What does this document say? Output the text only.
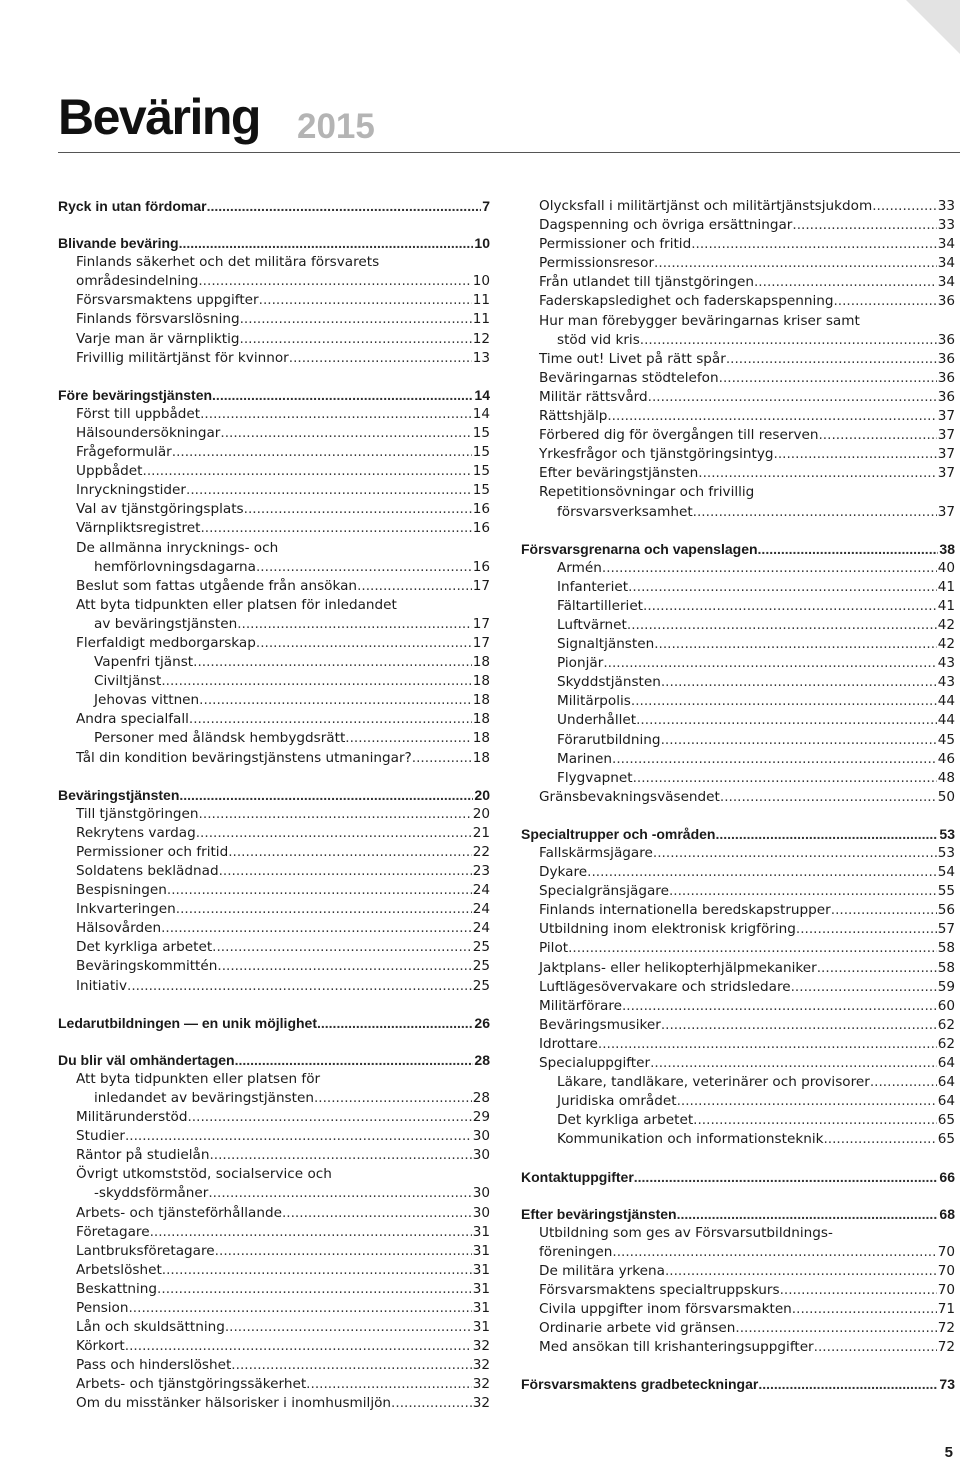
Beväring 2015
Ryck in utan fördomar .....	7
Blivande beväring .....	10
Finlands säkerhet och det militära försvarets
områdesindelning .....	10
Försvarsmaktens uppgifter .....	11
Finlands försvarslösning .....	11
Varje man är värnpliktig .....	12
Frivillig militärtjänst för kvinnor .....	13
Före beväringstjänsten .....	14
Först till uppbådet .....	14
Hälsoundersökningar .....	15
Frågeformulär .....	15
Uppbådet .....	15
Inryckningstider .....	15
Val av tjänstgöringsplats .....	16
Värnpliktsregistret .....	16
De allmänna inrycknings- och
hemförlovningsdagarna .....	16
Beslut som fattas utgående från ansökan .....	17
Att byta tidpunkten eller platsen för inledandet
av beväringstjänsten .....	17
Flerfaldigt medborgarskap .....	17
Vapenfri tjänst .....	18
Civiltjänst .....	18
Jehovas vittnen .....	18
Andra specialfall .....	18
Personer med åländsk hembygdsrätt .....	18
Tål din kondition beväringstjänstens utmaningar? .....	18
Beväringstjänsten .....	20
Till tjänstgöringen .....	20
Rekrytens vardag .....	21
Permissioner och fritid .....	22
Soldatens beklädnad .....	23
Bespisningen .....	24
Inkvarteringen .....	24
Hälsovården .....	24
Det kyrkliga arbetet .....	25
Beväringskommittén .....	25
Initiativ .....	25
Ledarutbildningen — en unik möjlighet .....	26
Du blir väl omhändertagen .....	28
Att byta tidpunkten eller platsen för
inledandet av beväringstjänsten .....	28
Militärunderstöd .....	29
Studier .....	30
Räntor på studielån .....	30
Övrigt utkomststöd, socialservice och
-skyddsförmåner .....	30
Arbets- och tjänsteförhållande .....	30
Företagare .....	31
Lantbruksföretagare .....	31
Arbetslöshet .....	31
Beskattning .....	31
Pension .....	31
Lån och skuldsättning .....	31
Körkort .....	32
Pass och hinderslöshet .....	32
Arbets- och tjänstgöringssäkerhet .....	32
Om du misstänker hälsorisker i inomhusmiljön .....	32
Olycksfall i militärtjänst och militärtjänstsjukdom .....	33
Dagspenning och övriga ersättningar .....	33
Permissioner och fritid .....	34
Permissionsresor .....	34
Från utlandet till tjänstgöringen .....	34
Faderskapsledighet och faderskapspenning .....	36
Hur man förebygger beväringarnas kriser samt
stöd vid kris .....	36
Time out! Livet på rätt spår .....	36
Beväringarnas stödtelefon .....	36
Militär rättsvård .....	36
Rättshjälp .....	37
Förbered dig för övergången till reserven .....	37
Yrkesfrågor och tjänstgöringsintyg .....	37
Efter beväringstjänsten .....	37
Repetitionsövningar och frivillig
försvarsverksamhet .....	37
Försvarsgrenarna och vapenslagen .....	38
Armén .....	40
Infanteriet .....	41
Fältartilleriet .....	41
Luftvärnet .....	42
Signaltjänsten .....	42
Pionjär .....	43
Skyddstjänsten .....	43
Militärpolis .....	44
Underhållet .....	44
Förarutbildning .....	45
Marinen .....	46
Flygvapnet .....	48
Gränsbevakningsväsendet .....	50
Specialtrupper och -områden .....	53
Fallskärmsjägare .....	53
Dykare .....	54
Specialgränsjägare .....	55
Finlands internationella beredskapstrupper .....	56
Utbildning inom elektronisk krigföring .....	57
Pilot .....	58
Jaktplans- eller helikopterhjälpmekaniker .....	58
Luftlägesövervakare och stridsledare .....	59
Militärförare .....	60
Beväringsmusiker .....	62
Idrottare .....	62
Specialuppgifter .....	64
Läkare, tandläkare, veterinärer och provisorer .....	64
Juridiska området .....	64
Det kyrkliga arbetet .....	65
Kommunikation och informationsteknik .....	65
Kontaktuppgifter .....	66
Efter beväringstjänsten .....	68
Utbildning som ges av Försvarsutbildnings-
föreningen .....	70
De militära yrkena .....	70
Försvarsmaktens specialtruppskurs .....	70
Civila uppgifter inom försvarsmakten .....	71
Ordinarie arbete vid gränsen .....	72
Med ansökan till krishanteringsuppgifter .....	72
Försvarsmaktens gradbeteckningar .....	73
5
